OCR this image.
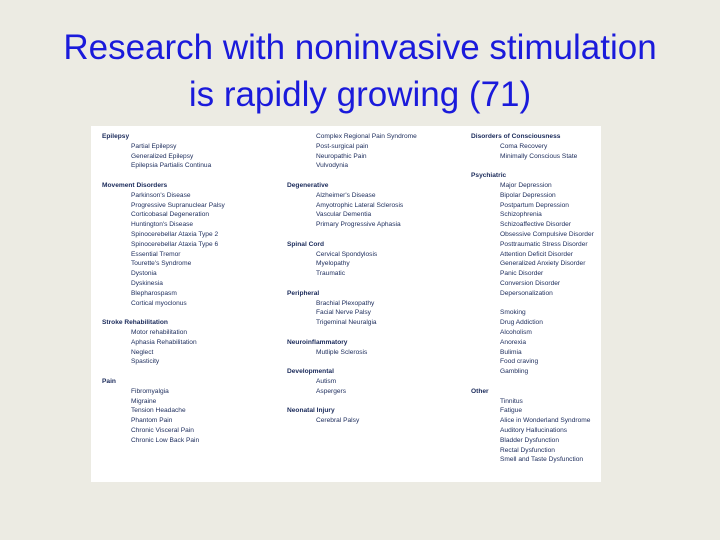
Research with noninvasive stimulation
is rapidly growing (71)
Epilepsy
Partial Epilepsy
Generalized Epilepsy
Epilepsia Partialis Continua
Movement Disorders
Parkinson's Disease
Progressive Supranuclear Palsy
Corticobasal Degeneration
Huntington's Disease
Spinocerebellar Ataxia Type 2
Spinocerebellar Ataxia Type 6
Essential Tremor
Tourette's Syndrome
Dystonia
Dyskinesia
Blepharospasm
Cortical myoclonus
Stroke Rehabilitation
Motor rehabilitation
Aphasia Rehabilitation
Neglect
Spasticity
Pain
Fibromyalgia
Migraine
Tension Headache
Phantom Pain
Chronic Visceral Pain
Chronic Low Back Pain
Complex Regional Pain Syndrome
Post-surgical pain
Neuropathic Pain
Vulvodynia
Degenerative
Alzheimer's Disease
Amyotrophic Lateral Sclerosis
Vascular Dementia
Primary Progressive Aphasia
Spinal Cord
Cervical Spondylosis
Myelopathy
Traumatic
Peripheral
Brachial Plexopathy
Facial Nerve Palsy
Trigeminal Neuralgia
Neuroinflammatory
Mutliple Sclerosis
Developmental
Autism
Aspergers
Neonatal Injury
Cerebral Palsy
Disorders of Consciousness
Coma Recovery
Minimally Conscious State
Psychiatric
Major Depression
Bipolar Depression
Postpartum Depression
Schizophrenia
Schizoaffective Disorder
Obsessive Compulsive Disorder
Posttraumatic Stress Disorder
Attention Deficit Disorder
Generalized Anxiety Disorder
Panic Disorder
Conversion Disorder
Depersonalization
Smoking
Drug Addiction
Alcoholism
Anorexia
Bulimia
Food craving
Gambling
Other
Tinnitus
Fatigue
Alice in Wonderland Syndrome
Auditory Hallucinations
Bladder Dysfunction
Rectal Dysfunction
Smell and Taste Dysfunction
